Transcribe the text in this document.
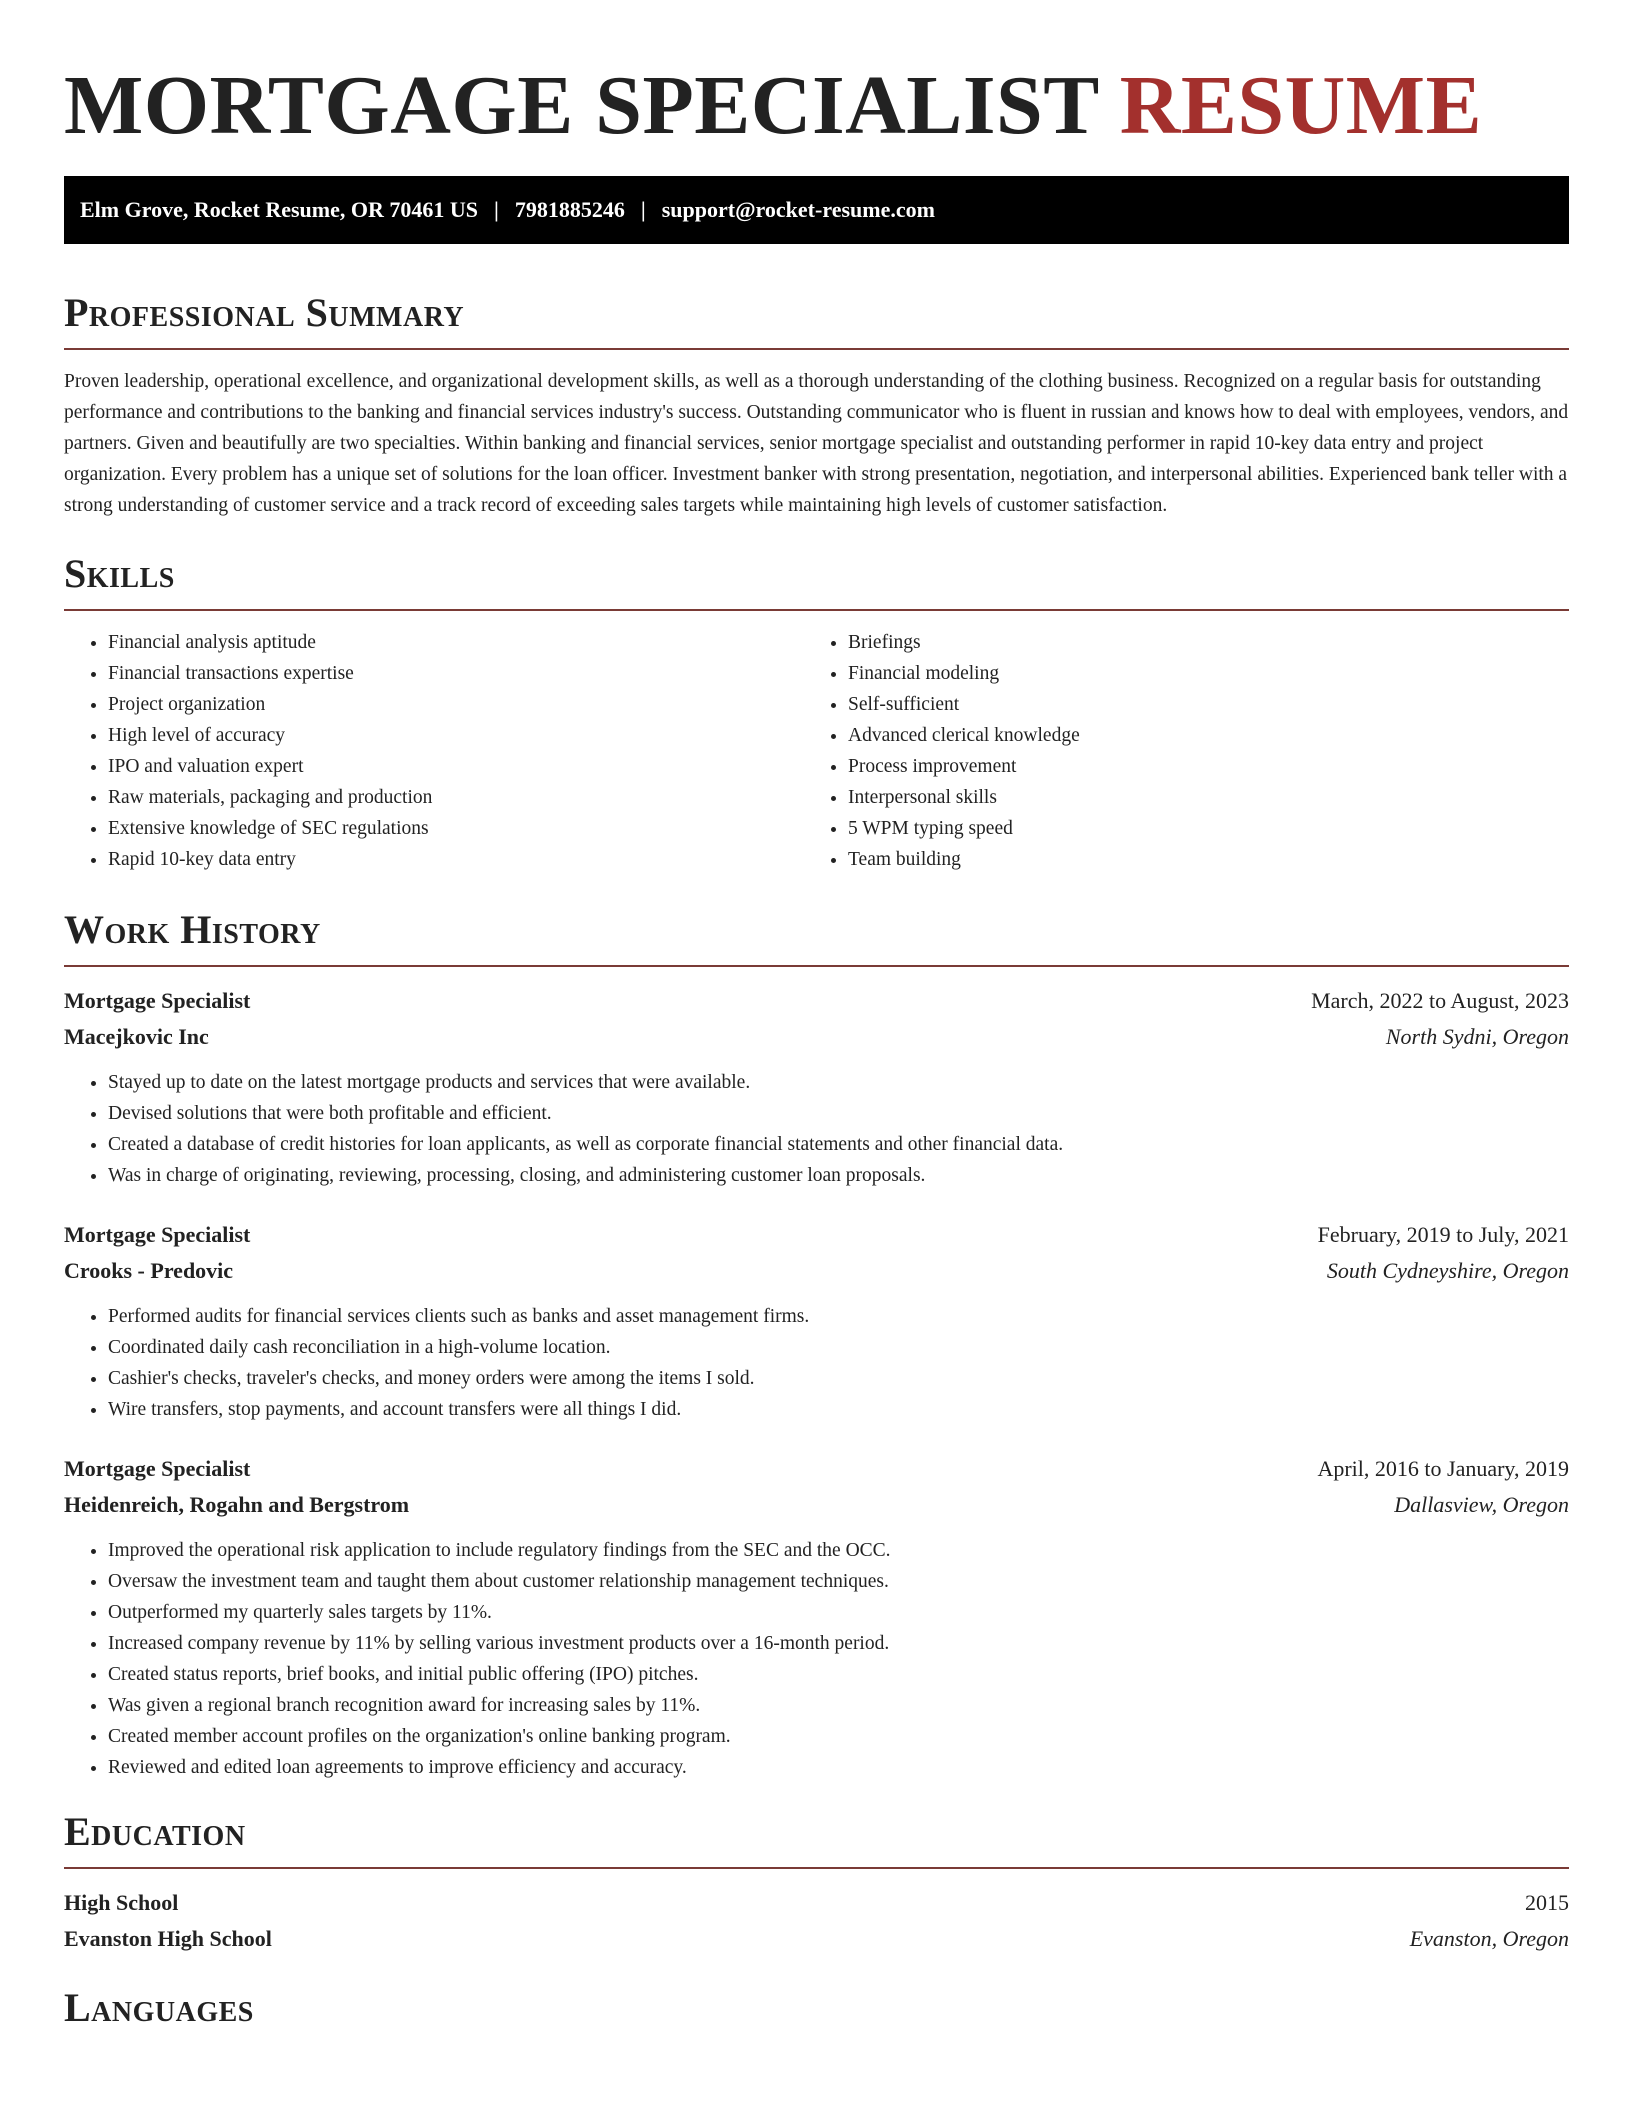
MORTGAGE SPECIALIST RESUME
Elm Grove, Rocket Resume, OR 70461 US | 7981885246 | support@rocket-resume.com
Professional Summary

Proven leadership, operational excellence, and organizational development skills, as well as a thorough understanding of the clothing business. Recognized on a regular basis for outstanding performance and contributions to the banking and financial services industry's success. Outstanding communicator who is fluent in russian and knows how to deal with employees, vendors, and partners. Given and beautifully are two specialties. Within banking and financial services, senior mortgage specialist and outstanding performer in rapid 10-key data entry and project organization. Every problem has a unique set of solutions for the loan officer. Investment banker with strong presentation, negotiation, and interpersonal abilities. Experienced bank teller with a strong understanding of customer service and a track record of exceeding sales targets while maintaining high levels of customer satisfaction.

Skills
• Financial analysis aptitude
• Financial transactions expertise
• Project organization
• High level of accuracy
• IPO and valuation expert
• Raw materials, packaging and production
• Extensive knowledge of SEC regulations
• Rapid 10-key data entry
• Briefings
• Financial modeling
• Self-sufficient
• Advanced clerical knowledge
• Process improvement
• Interpersonal skills
• 5 WPM typing speed
• Team building
Work History
Mortgage Specialist	March, 2022 to August, 2023
Macejkovic Inc	North Sydni, Oregon
• Stayed up to date on the latest mortgage products and services that were available.
• Devised solutions that were both profitable and efficient.
• Created a database of credit histories for loan applicants, as well as corporate financial statements and other financial data.
• Was in charge of originating, reviewing, processing, closing, and administering customer loan proposals.
Mortgage Specialist	February, 2019 to July, 2021
Crooks - Predovic	South Cydneyshire, Oregon
• Performed audits for financial services clients such as banks and asset management firms.
• Coordinated daily cash reconciliation in a high-volume location.
• Cashier's checks, traveler's checks, and money orders were among the items I sold.
• Wire transfers, stop payments, and account transfers were all things I did.
Mortgage Specialist	April, 2016 to January, 2019
Heidenreich, Rogahn and Bergstrom	Dallasview, Oregon
• Improved the operational risk application to include regulatory findings from the SEC and the OCC.
• Oversaw the investment team and taught them about customer relationship management techniques.
• Outperformed my quarterly sales targets by 11%.
• Increased company revenue by 11% by selling various investment products over a 16-month period.
• Created status reports, brief books, and initial public offering (IPO) pitches.
• Was given a regional branch recognition award for increasing sales by 11%.
• Created member account profiles on the organization's online banking program.
• Reviewed and edited loan agreements to improve efficiency and accuracy.
Education
High School	2015
Evanston High School	Evanston, Oregon
Languages
